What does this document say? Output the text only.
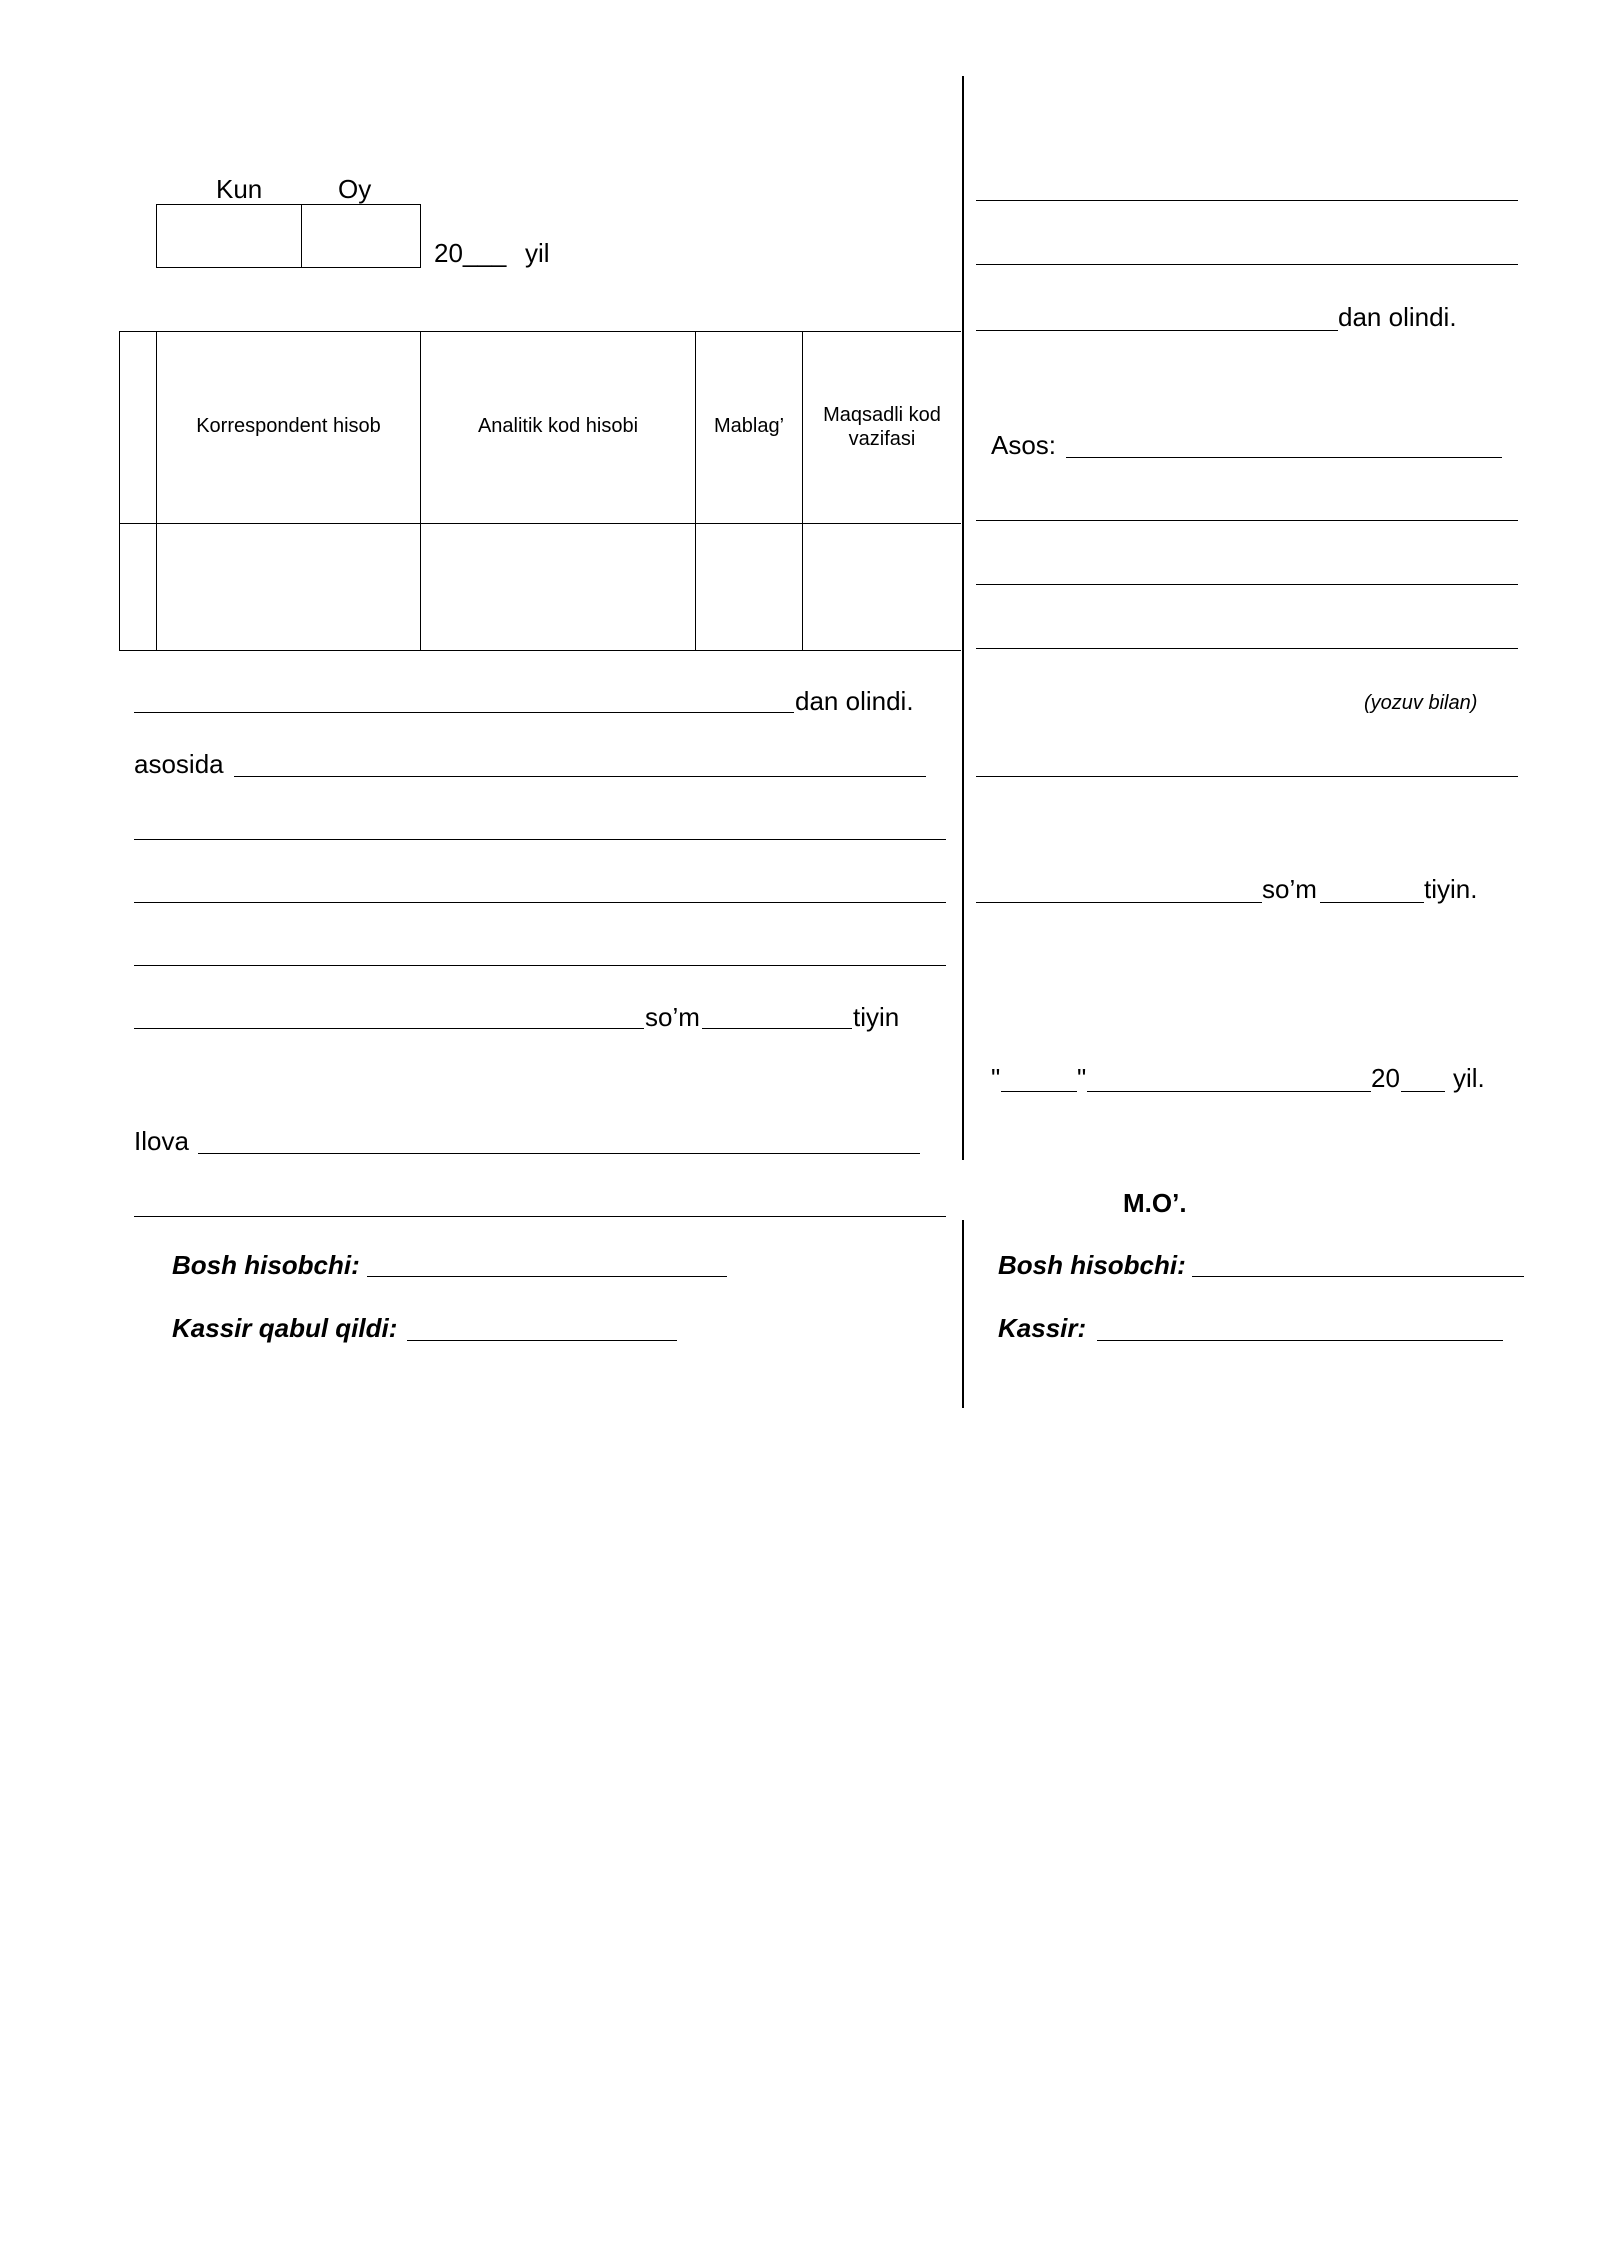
Kun	Oy
20___ yil
Korrespondent hisob	Analitik kod hisobi	Mablag’	Maqsadli kod vazifasi
dan olindi.
asosida
so’m	tiyin
Ilova
Bosh hisobchi:
Kassir qabul qildi:
dan olindi.
Asos:
(yozuv bilan)
so’m	tiyin.
"	"	20 yil.
M.O’.
Bosh hisobchi:
Kassir:
